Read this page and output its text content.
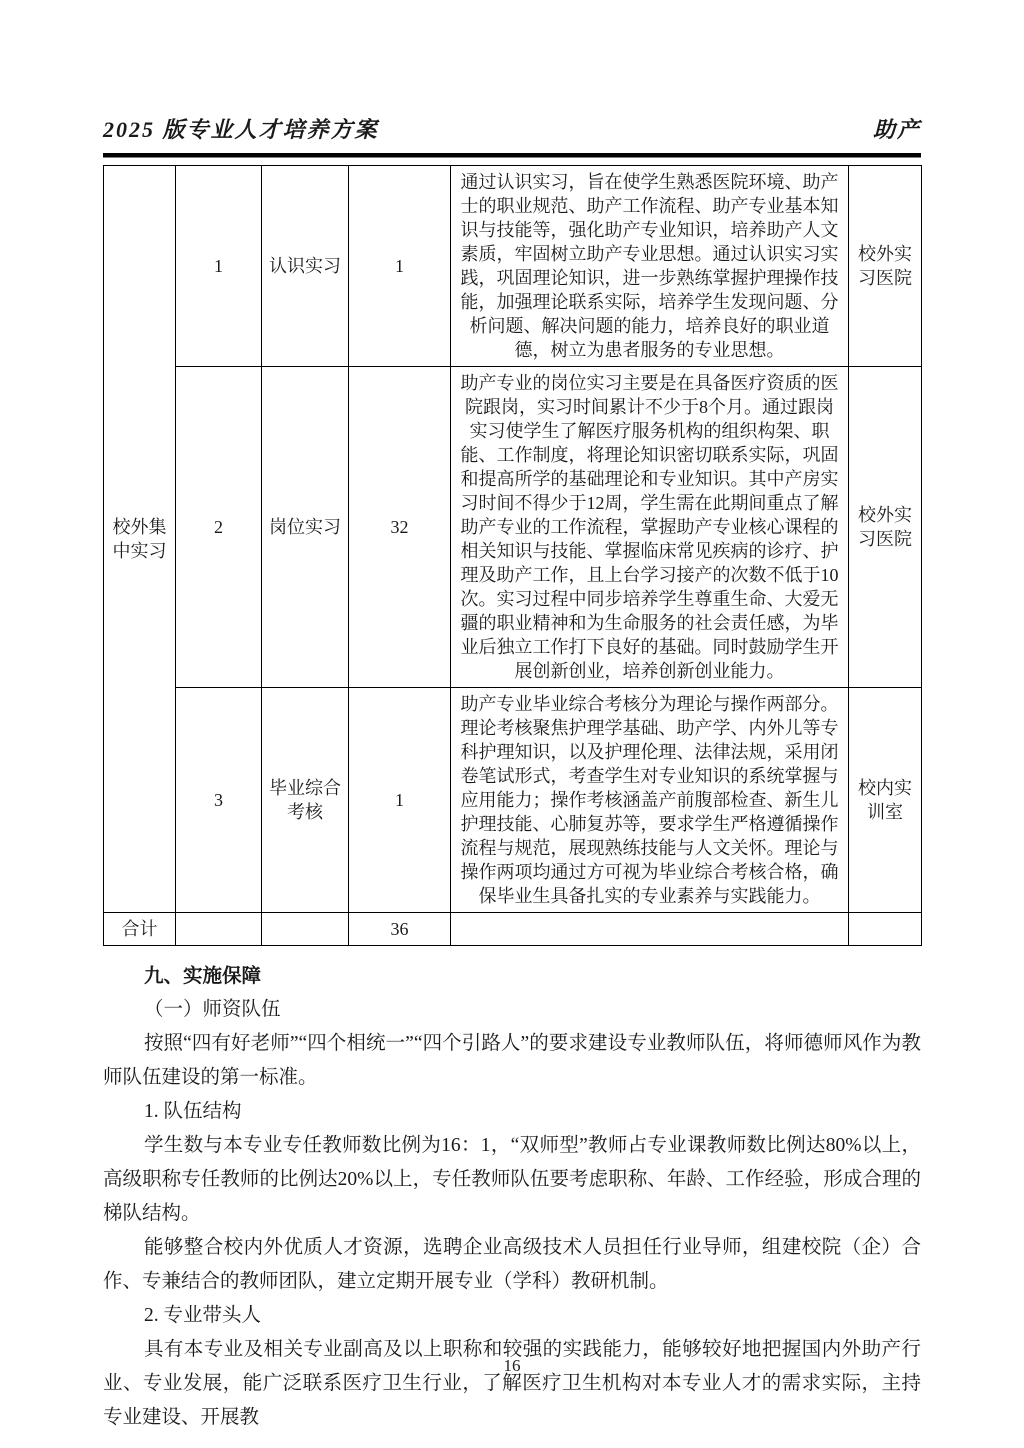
2025 版专业人才培养方案	助产
校外集中实习	1	认识实习	1	通过认识实习，旨在使学生熟悉医院环境、助产士的职业规范、助产工作流程、助产专业基本知识与技能等，强化助产专业知识，培养助产人文素质，牢固树立助产专业思想。通过认识实习实践，巩固理论知识，进一步熟练掌握护理操作技能，加强理论联系实际，培养学生发现问题、分析问题、解决问题的能力，培养良好的职业道德，树立为患者服务的专业思想。	校外实习医院
	2	岗位实习	32	助产专业的岗位实习主要是在具备医疗资质的医院跟岗，实习时间累计不少于8个月。通过跟岗实习使学生了解医疗服务机构的组织构架、职能、工作制度，将理论知识密切联系实际，巩固和提高所学的基础理论和专业知识。其中产房实习时间不得少于12周，学生需在此期间重点了解助产专业的工作流程，掌握助产专业核心课程的相关知识与技能、掌握临床常见疾病的诊疗、护理及助产工作，且上台学习接产的次数不低于10次。实习过程中同步培养学生尊重生命、大爱无疆的职业精神和为生命服务的社会责任感，为毕业后独立工作打下良好的基础。同时鼓励学生开展创新创业，培养创新创业能力。	校外实习医院
	3	毕业综合考核	1	助产专业毕业综合考核分为理论与操作两部分。理论考核聚焦护理学基础、助产学、内外儿等专科护理知识，以及护理伦理、法律法规，采用闭卷笔试形式，考查学生对专业知识的系统掌握与应用能力；操作考核涵盖产前腹部检查、新生儿护理技能、心肺复苏等，要求学生严格遵循操作流程与规范，展现熟练技能与人文关怀。理论与操作两项均通过方可视为毕业综合考核合格，确保毕业生具备扎实的专业素养与实践能力。	校内实训室
合计			36		
九、实施保障
（一）师资队伍
按照“四有好老师”“四个相统一”“四个引路人”的要求建设专业教师队伍，将师德师风作为教师队伍建设的第一标准。
1. 队伍结构
学生数与本专业专任教师数比例为16：1，“双师型”教师占专业课教师数比例达80%以上，高级职称专任教师的比例达20%以上，专任教师队伍要考虑职称、年龄、工作经验，形成合理的梯队结构。
能够整合校内外优质人才资源，选聘企业高级技术人员担任行业导师，组建校院（企）合作、专兼结合的教师团队，建立定期开展专业（学科）教研机制。
2. 专业带头人
具有本专业及相关专业副高及以上职称和较强的实践能力，能够较好地把握国内外助产行业、专业发展，能广泛联系医疗卫生行业，了解医疗卫生机构对本专业人才的需求实际，主持专业建设、开展教
16
